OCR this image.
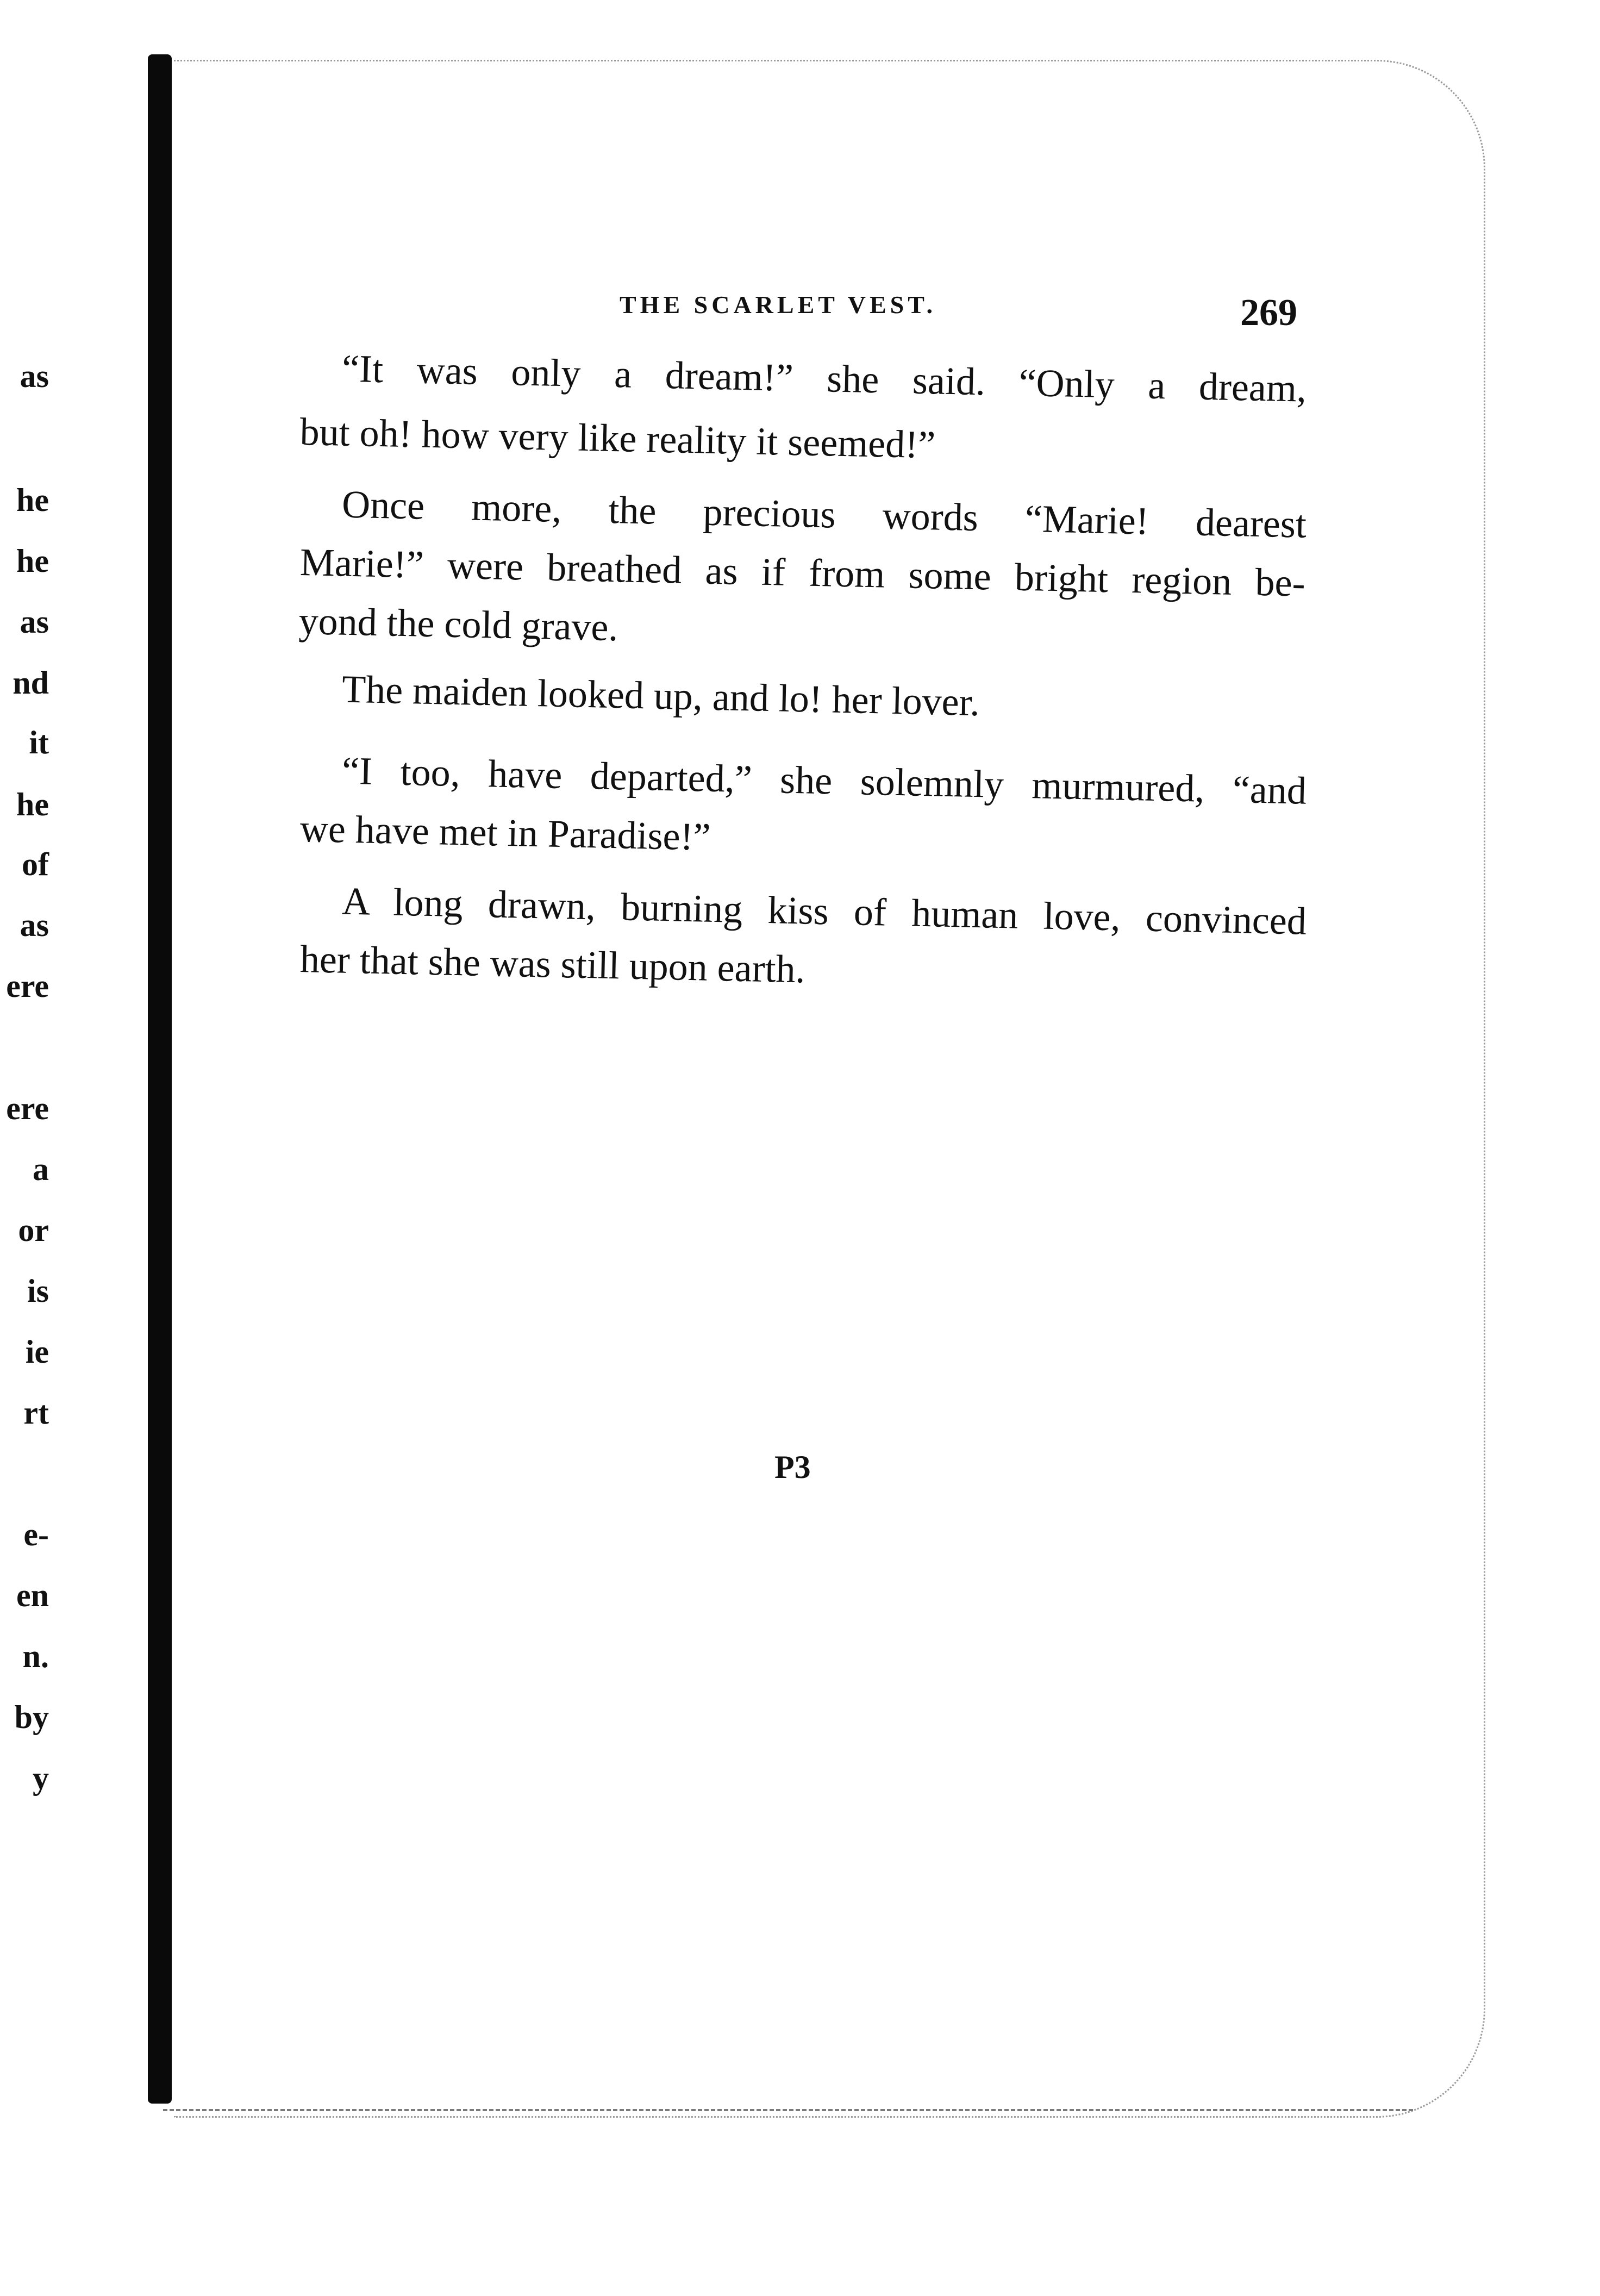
as
he
he
as
nd
it
he
of
as
ere
ere
a
or
is
ie
rt
e-
en
n.
by
y
THE SCARLET VEST.	269
“It was only a dream!” she said. “Only a dream,
but oh! how very like reality it seemed!”
Once more, the precious words “Marie! dearest
Marie!” were breathed as if from some bright region be-
yond the cold grave.
The maiden looked up, and lo! her lover.
“I too, have departed,” she solemnly murmured, “and
we have met in Paradise!”
A long drawn, burning kiss of human love, convinced
her that she was still upon earth.
P3
